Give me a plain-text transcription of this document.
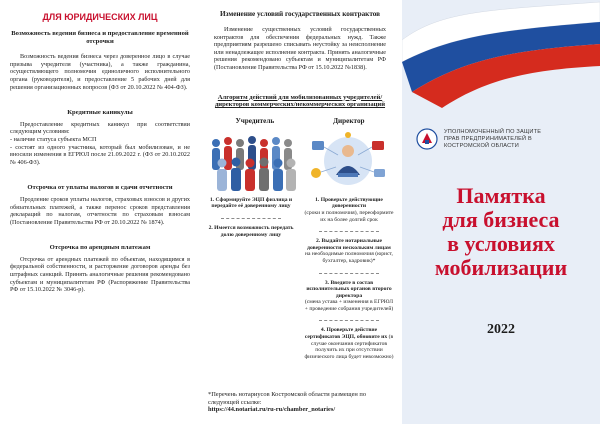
ДЛЯ ЮРИДИЧЕСКИХ ЛИЦ
Возможность ведения бизнеса и предоставление временной отсрочки
Возможность ведения бизнеса через доверенное лицо в случае призыва учредителя (участника), а также гражданина, осуществляющего полномочия единоличного исполнительного органа (руководителя), и предоставление 5 рабочих дней для решения организационных вопросов (ФЗ от 20.10.2022 № 404-ФЗ).
Кредитные каникулы
Предоставление кредитных каникул при соответствии следующим условиям:
- наличие статуса субъекта МСП
- состоят из одного участника, который был мобилизован, и не вносили изменения в ЕГРЮЛ после 21.09.2022 г. (ФЗ от 20.10.2022 № 406-ФЗ).
Отсрочка от уплаты налогов и сдачи отчетности
Продление сроков уплаты налогов, страховых взносов и других обязательных платежей, а также перенос сроков представления деклараций по налогам, отчетности по страховым взносам (Постановление Правительства РФ от 20.10.2022 № 1874).
Отсрочка по арендным платежам
Отсрочка от арендных платежей по объектам, находящимся в федеральной собственности, и расторжение договоров аренды без штрафных санкций. Принять аналогичные решения рекомендовано субъектам и муниципалитетам РФ (Распоряжение Правительства РФ от 15.10.2022 № 3046-р).
Изменение условий государственных контрактов
Изменение существенных условий государственных контрактов для обеспечения федеральных нужд. Также предприятиям разрешено списывать неустойку за неисполнение или ненадлежащее исполнение контракта. Принять аналогичные решения рекомендовано субъектам и муниципалитетам РФ (Постановление Правительства РФ от 15.10.2022 №1838).
Алгоритм действий для мобилизованных учредителей/директоров коммерческих/некоммерческих организаций
Учредитель	Директор
1. Сформируйте ЭЦП физлица и передайте её доверенному лицу
2. Имеется возможность передать долю доверенному лицу
1. Проверьте действующие доверенности
(сроки и полномочия), переоформите их на более долгий срок
2. Выдайте нотариальные доверенности нескольким лицам на необходимые полномочия (юрист, бухгалтер, кадровик)*
3. Введите в состав исполнительных органов второго директора
(смена устава + изменения в ЕГРЮЛ + проведение собрания учредителей)
4. Проверьте действие сертификатов ЭЦП, обновите их (в случае окончания сертификатов получить их при отсутствии физического лица будет невозможно)
*Перечень нотариусов Костромской области размещен по следующей ссылке:
https://44.notariat.ru/ru-ru/chamber_notaries/
УПОЛНОМОЧЕННЫЙ ПО ЗАЩИТЕ
ПРАВ ПРЕДПРИНИМАТЕЛЕЙ В
КОСТРОМСКОЙ ОБЛАСТИ
Памятка
для бизнеса
в условиях
мобилизации
2022
